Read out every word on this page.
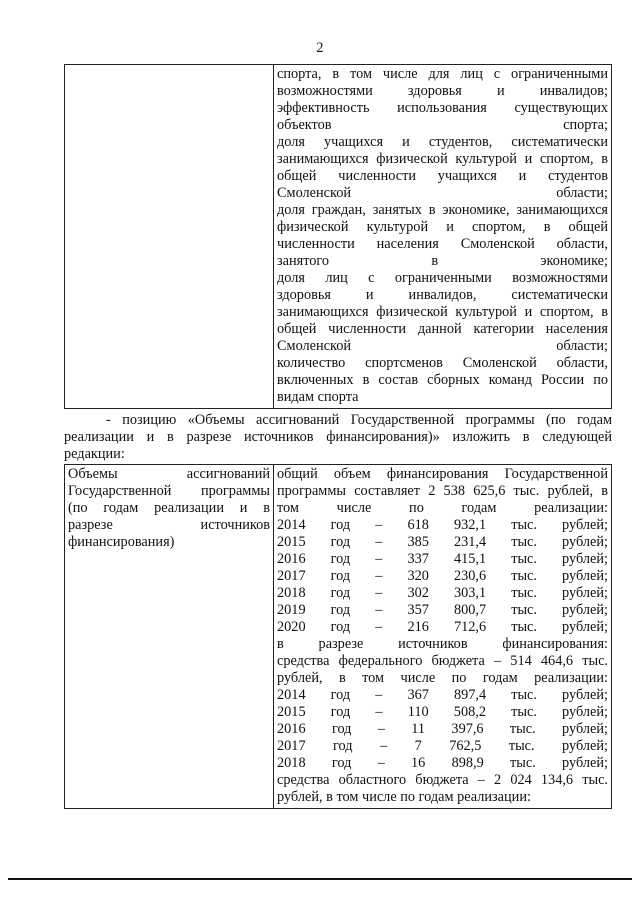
2

спорта, в том числе для лиц с ограниченными
возможностями здоровья и инвалидов;
эффективность использования существующих
объектов спорта;
доля учащихся и студентов, систематически
занимающихся физической культурой и спортом, в
общей численности учащихся и студентов
Смоленской области;
доля граждан, занятых в экономике, занимающихся
физической культурой и спортом, в общей
численности населения Смоленской области,
занятого в экономике;
доля лиц с ограниченными возможностями
здоровья и инвалидов, систематически
занимающихся физической культурой и спортом, в
общей численности данной категории населения
Смоленской области;
количество спортсменов Смоленской области,
включенных в состав сборных команд России по
видам спорта
- позицию «Объемы ассигнований Государственной программы (по годам
реализации и в разрезе источников финансирования)» изложить в следующей
редакции:
Объемы ассигнований
Государственной программы
(по годам реализации и в
разрезе источников
финансирования)

общий объем финансирования Государственной
программы составляет 2 538 625,6 тыс. рублей, в
том числе по годам реализации:
2014 год – 618 932,1 тыс. рублей;
2015 год – 385 231,4 тыс. рублей;
2016 год – 337 415,1 тыс. рублей;
2017 год – 320 230,6 тыс. рублей;
2018 год – 302 303,1 тыс. рублей;
2019 год – 357 800,7 тыс. рублей;
2020 год – 216 712,6 тыс. рублей;
в разрезе источников финансирования:
средства федерального бюджета – 514 464,6 тыс.
рублей, в том числе по годам реализации:
2014 год – 367 897,4 тыс. рублей;
2015 год – 110 508,2 тыс. рублей;
2016 год – 11 397,6 тыс. рублей;
2017 год – 7 762,5 тыс. рублей;
2018 год – 16 898,9 тыс. рублей;
средства областного бюджета – 2 024 134,6 тыс.
рублей, в том числе по годам реализации:
